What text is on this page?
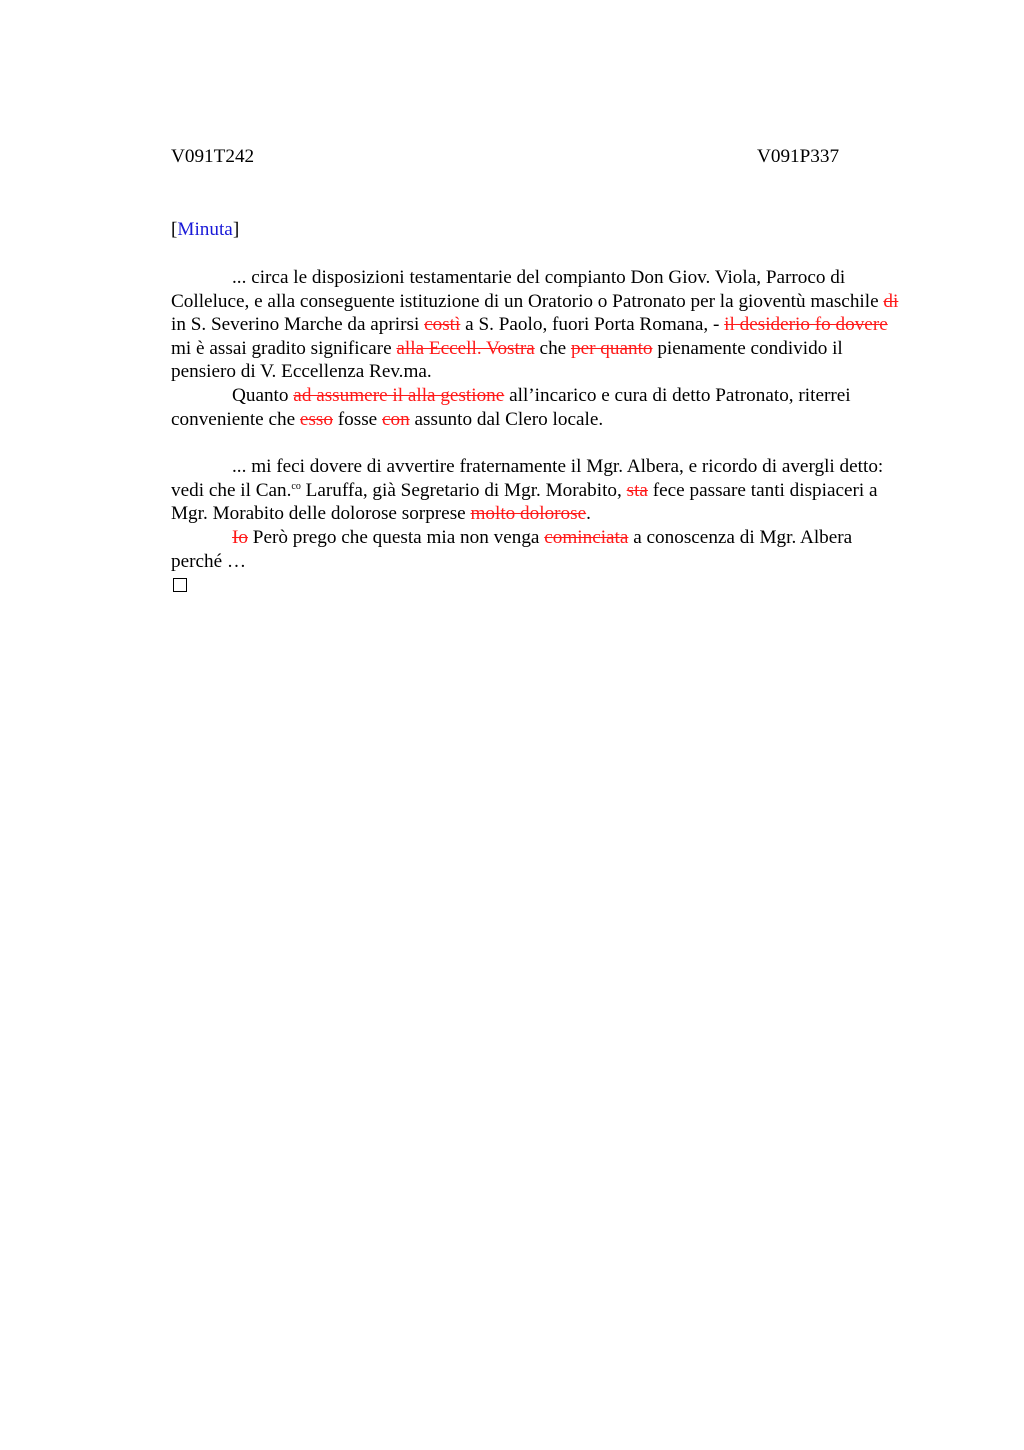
V091T242	V091P337
[Minuta]

... circa le disposizioni testamentarie del compianto Don Giov. Viola, Parroco di Colleluce, e alla conseguente istituzione di un Oratorio o Patronato per la gioventù maschile di in S. Severino Marche da aprirsi costì a S. Paolo, fuori Porta Romana, - il desiderio fo dovere mi è assai gradito significare alla Eccell. Vostra che per quanto pienamente condivido il pensiero di V. Eccellenza Rev.ma.

Quanto ad assumere il alla gestione all’incarico e cura di detto Patronato, riterrei conveniente che esso fosse con assunto dal Clero locale.

... mi feci dovere di avvertire fraternamente il Mgr. Albera, e ricordo di avergli detto: vedi che il Can.$^{co}$ Laruffa, già Segretario di Mgr. Morabito, sta fece passare tanti dispiaceri a Mgr. Morabito delle dolorose sorprese molto dolorose.

Io Però prego che questa mia non venga cominciata a conoscenza di Mgr. Albera perché …
